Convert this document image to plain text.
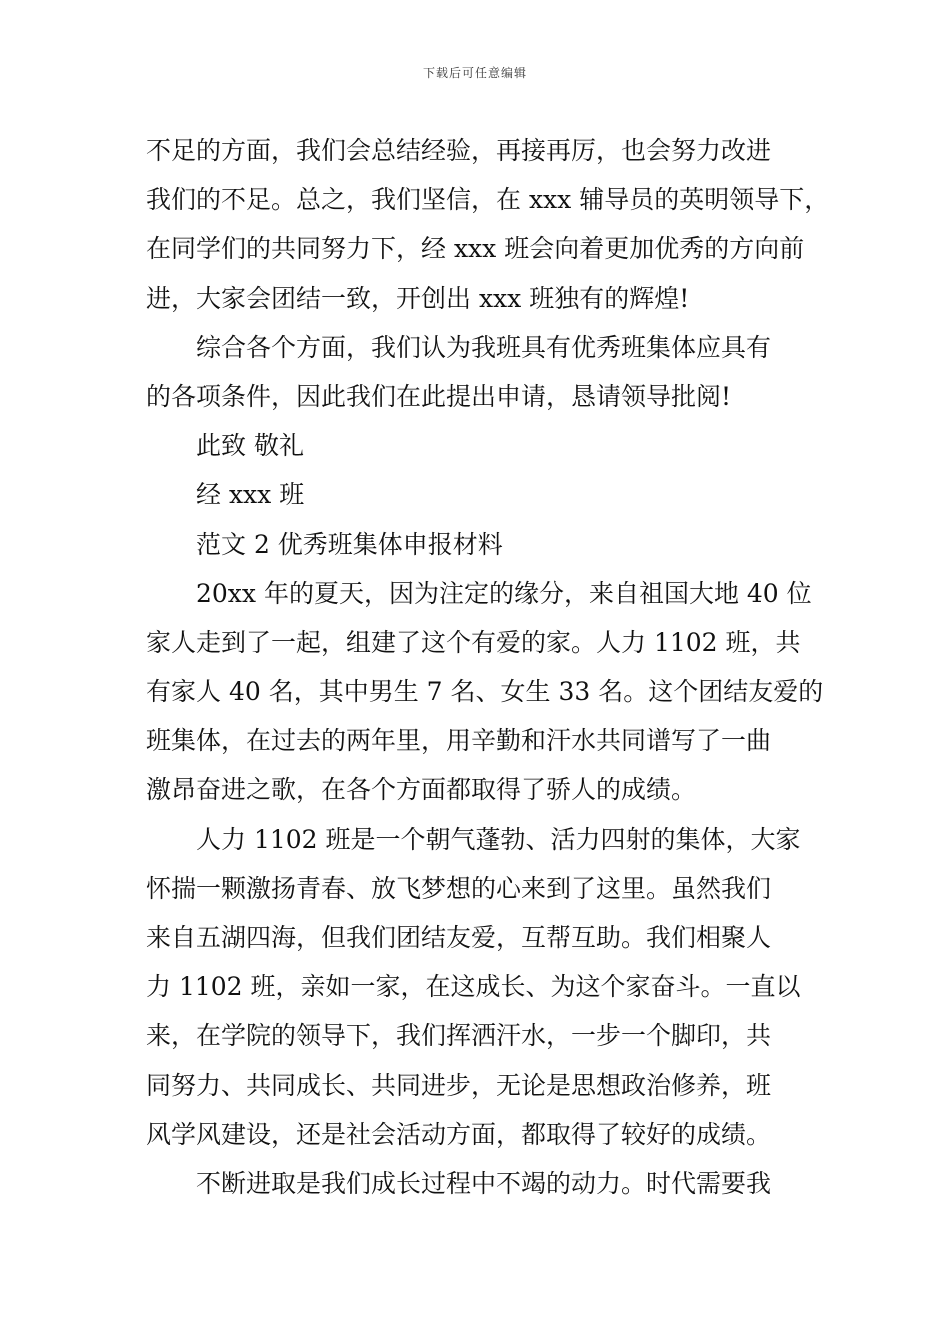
下载后可任意编辑
不足的方面，我们会总结经验，再接再厉，也会努力改进
我们的不足。总之，我们坚信，在 xxx 辅导员的英明领导下，
在同学们的共同努力下，经 xxx 班会向着更加优秀的方向前
进，大家会团结一致，开创出 xxx 班独有的辉煌!
综合各个方面，我们认为我班具有优秀班集体应具有
的各项条件，因此我们在此提出申请，恳请领导批阅!
此致 敬礼
经 xxx 班
范文 2 优秀班集体申报材料
20xx 年的夏天，因为注定的缘分，来自祖国大地 40 位
家人走到了一起，组建了这个有爱的家。人力 1102 班，共
有家人 40 名，其中男生 7 名、女生 33 名。这个团结友爱的
班集体，在过去的两年里，用辛勤和汗水共同谱写了一曲
激昂奋进之歌，在各个方面都取得了骄人的成绩。
人力 1102 班是一个朝气蓬勃、活力四射的集体，大家
怀揣一颗激扬青春、放飞梦想的心来到了这里。虽然我们
来自五湖四海，但我们团结友爱，互帮互助。我们相聚人
力 1102 班，亲如一家，在这成长、为这个家奋斗。一直以
来，在学院的领导下，我们挥洒汗水，一步一个脚印，共
同努力、共同成长、共同进步，无论是思想政治修养，班
风学风建设，还是社会活动方面，都取得了较好的成绩。
不断进取是我们成长过程中不竭的动力。时代需要我
